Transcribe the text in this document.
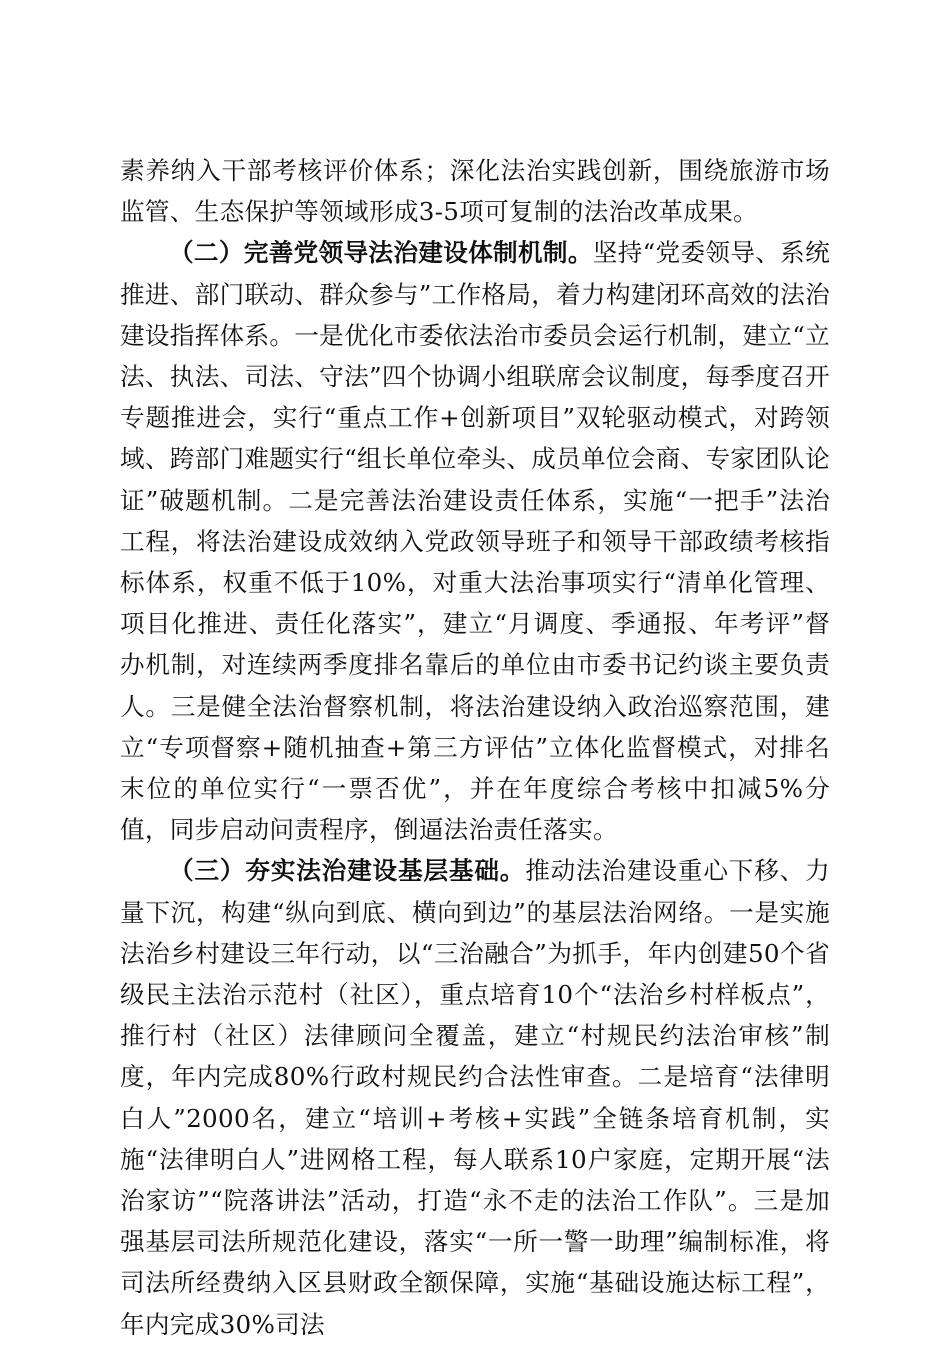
素养纳入干部考核评价体系；深化法治实践创新，围绕旅游市场监管、生态保护等领域形成3-5项可复制的法治改革成果。

（二）完善党领导法治建设体制机制。坚持“党委领导、系统推进、部门联动、群众参与”工作格局，着力构建闭环高效的法治建设指挥体系。一是优化市委依法治市委员会运行机制，建立“立法、执法、司法、守法”四个协调小组联席会议制度，每季度召开专题推进会，实行“重点工作+创新项目”双轮驱动模式，对跨领域、跨部门难题实行“组长单位牵头、成员单位会商、专家团队论证”破题机制。二是完善法治建设责任体系，实施“一把手”法治工程，将法治建设成效纳入党政领导班子和领导干部政绩考核指标体系，权重不低于10%，对重大法治事项实行“清单化管理、项目化推进、责任化落实”，建立“月调度、季通报、年考评”督办机制，对连续两季度排名靠后的单位由市委书记约谈主要负责人。三是健全法治督察机制，将法治建设纳入政治巡察范围，建立“专项督察+随机抽查+第三方评估”立体化监督模式，对排名末位的单位实行“一票否优”，并在年度综合考核中扣减5%分值，同步启动问责程序，倒逼法治责任落实。

（三）夯实法治建设基层基础。推动法治建设重心下移、力量下沉，构建“纵向到底、横向到边”的基层法治网络。一是实施法治乡村建设三年行动，以“三治融合”为抓手，年内创建50个省级民主法治示范村（社区），重点培育10个“法治乡村样板点”，推行村（社区）法律顾问全覆盖，建立“村规民约法治审核”制度，年内完成80%行政村规民约合法性审查。二是培育“法律明白人”2000名，建立“培训+考核+实践”全链条培育机制，实施“法律明白人”进网格工程，每人联系10户家庭，定期开展“法治家访”“院落讲法”活动，打造“永不走的法治工作队”。三是加强基层司法所规范化建设，落实“一所一警一助理”编制标准，将司法所经费纳入区县财政全额保障，实施“基础设施达标工程”，年内完成30%司法
